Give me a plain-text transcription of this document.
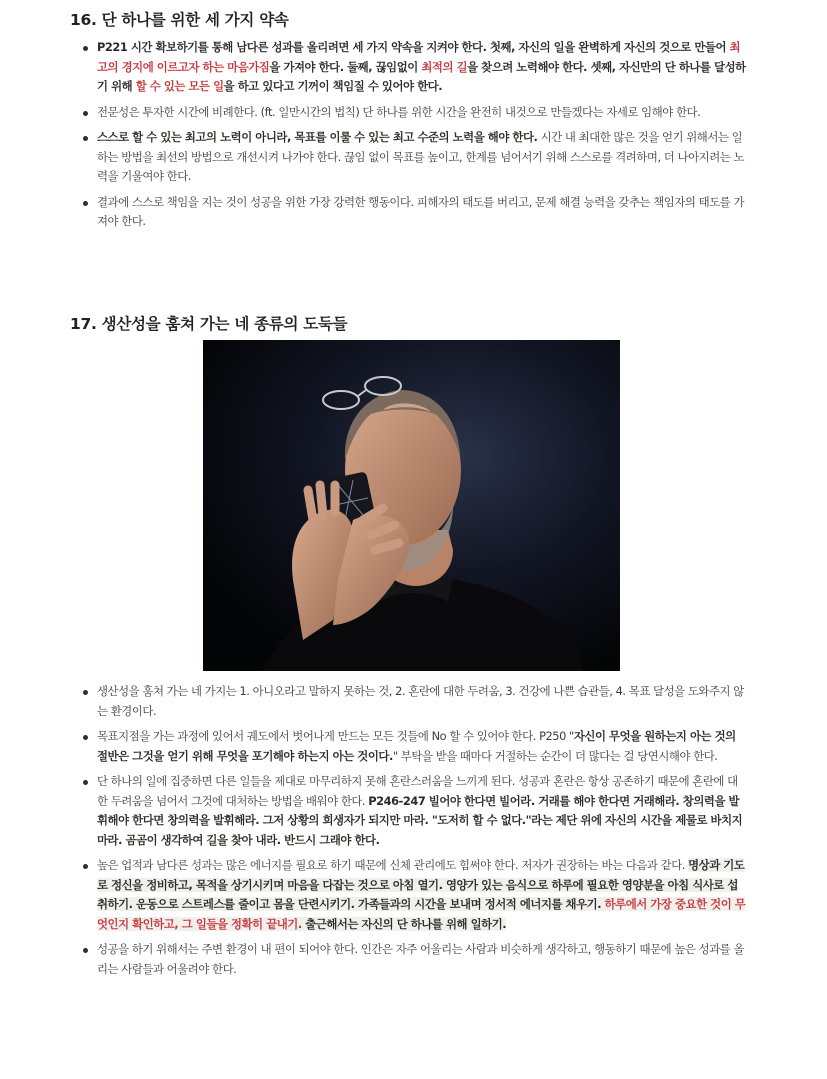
16. 단 하나를 위한 세 가지 약속
P221 시간 확보하기를 통해 남다른 성과를 올리려면 세 가지 약속을 지켜야 한다. 첫째, 자신의 일을 완벽하게 자신의 것으로 만들어 최고의 경지에 이르고자 하는 마음가짐을 가져야 한다. 둘째, 끊임없이 최적의 길을 찾으려 노력해야 한다. 셋째, 자신만의 단 하나를 달성하기 위해 할 수 있는 모든 일을 하고 있다고 기꺼이 책임질 수 있어야 한다.
전문성은 투자한 시간에 비례한다. (ft. 일만시간의 법칙) 단 하나를 위한 시간을 완전히 내것으로 만들겠다는 자세로 임해야 한다.
스스로 할 수 있는 최고의 노력이 아니라, 목표를 이룰 수 있는 최고 수준의 노력을 해야 한다. 시간 내 최대한 많은 것을 얻기 위해서는 일하는 방법을 최선의 방법으로 개선시켜 나가야 한다. 끊임 없이 목표를 높이고, 한계를 넘어서기 위해 스스로를 격려하며, 더 나아지려는 노력을 기울여야 한다.
결과에 스스로 책임을 지는 것이 성공을 위한 가장 강력한 행동이다. 피해자의 태도를 버리고, 문제 해결 능력을 갖추는 책임자의 태도를 가져야 한다.
17. 생산성을 훔쳐 가는 네 종류의 도둑들
생산성을 훔쳐 가는 네 가지는 1. 아니오라고 말하지 못하는 것, 2. 혼란에 대한 두려움, 3. 건강에 나쁜 습관들, 4. 목표 달성을 도와주지 않는 환경이다.
목표지점을 가는 과정에 있어서 궤도에서 벗어나게 만드는 모든 것들에 No 할 수 있어야 한다. P250 "자신이 무엇을 원하는지 아는 것의 절반은 그것을 얻기 위해 무엇을 포기해야 하는지 아는 것이다." 부탁을 받을 때마다 거절하는 순간이 더 많다는 걸 당연시해야 한다.
단 하나의 일에 집중하면 다른 일들을 제대로 마무리하지 못해 혼란스러움을 느끼게 된다. 성공과 혼란은 항상 공존하기 때문에 혼란에 대한 두려움을 넘어서 그것에 대처하는 방법을 배워야 한다. P246-247 빌어야 한다면 빌어라. 거래를 해야 한다면 거래해라. 창의력을 발휘해야 한다면 창의력을 발휘해라. 그저 상황의 희생자가 되지만 마라. "도저히 할 수 없다."라는 제단 위에 자신의 시간을 제물로 바치지 마라. 곰곰이 생각하여 길을 찾아 내라. 반드시 그래야 한다.
높은 업적과 남다른 성과는 많은 에너지를 필요로 하기 때문에 신체 관리에도 힘써야 한다. 저자가 권장하는 바는 다음과 같다. 명상과 기도로 정신을 정비하고, 목적을 상기시키며 마음을 다잡는 것으로 아침 열기. 영양가 있는 음식으로 하루에 필요한 영양분을 아침 식사로 섭취하기. 운동으로 스트레스를 줄이고 몸을 단련시키기. 가족들과의 시간을 보내며 정서적 에너지를 채우기. 하루에서 가장 중요한 것이 무엇인지 확인하고, 그 일들을 정확히 끝내기. 출근해서는 자신의 단 하나를 위해 일하기.
성공을 하기 위해서는 주변 환경이 내 편이 되어야 한다. 인간은 자주 어울리는 사람과 비슷하게 생각하고, 행동하기 때문에 높은 성과를 올리는 사람들과 어울려야 한다.
